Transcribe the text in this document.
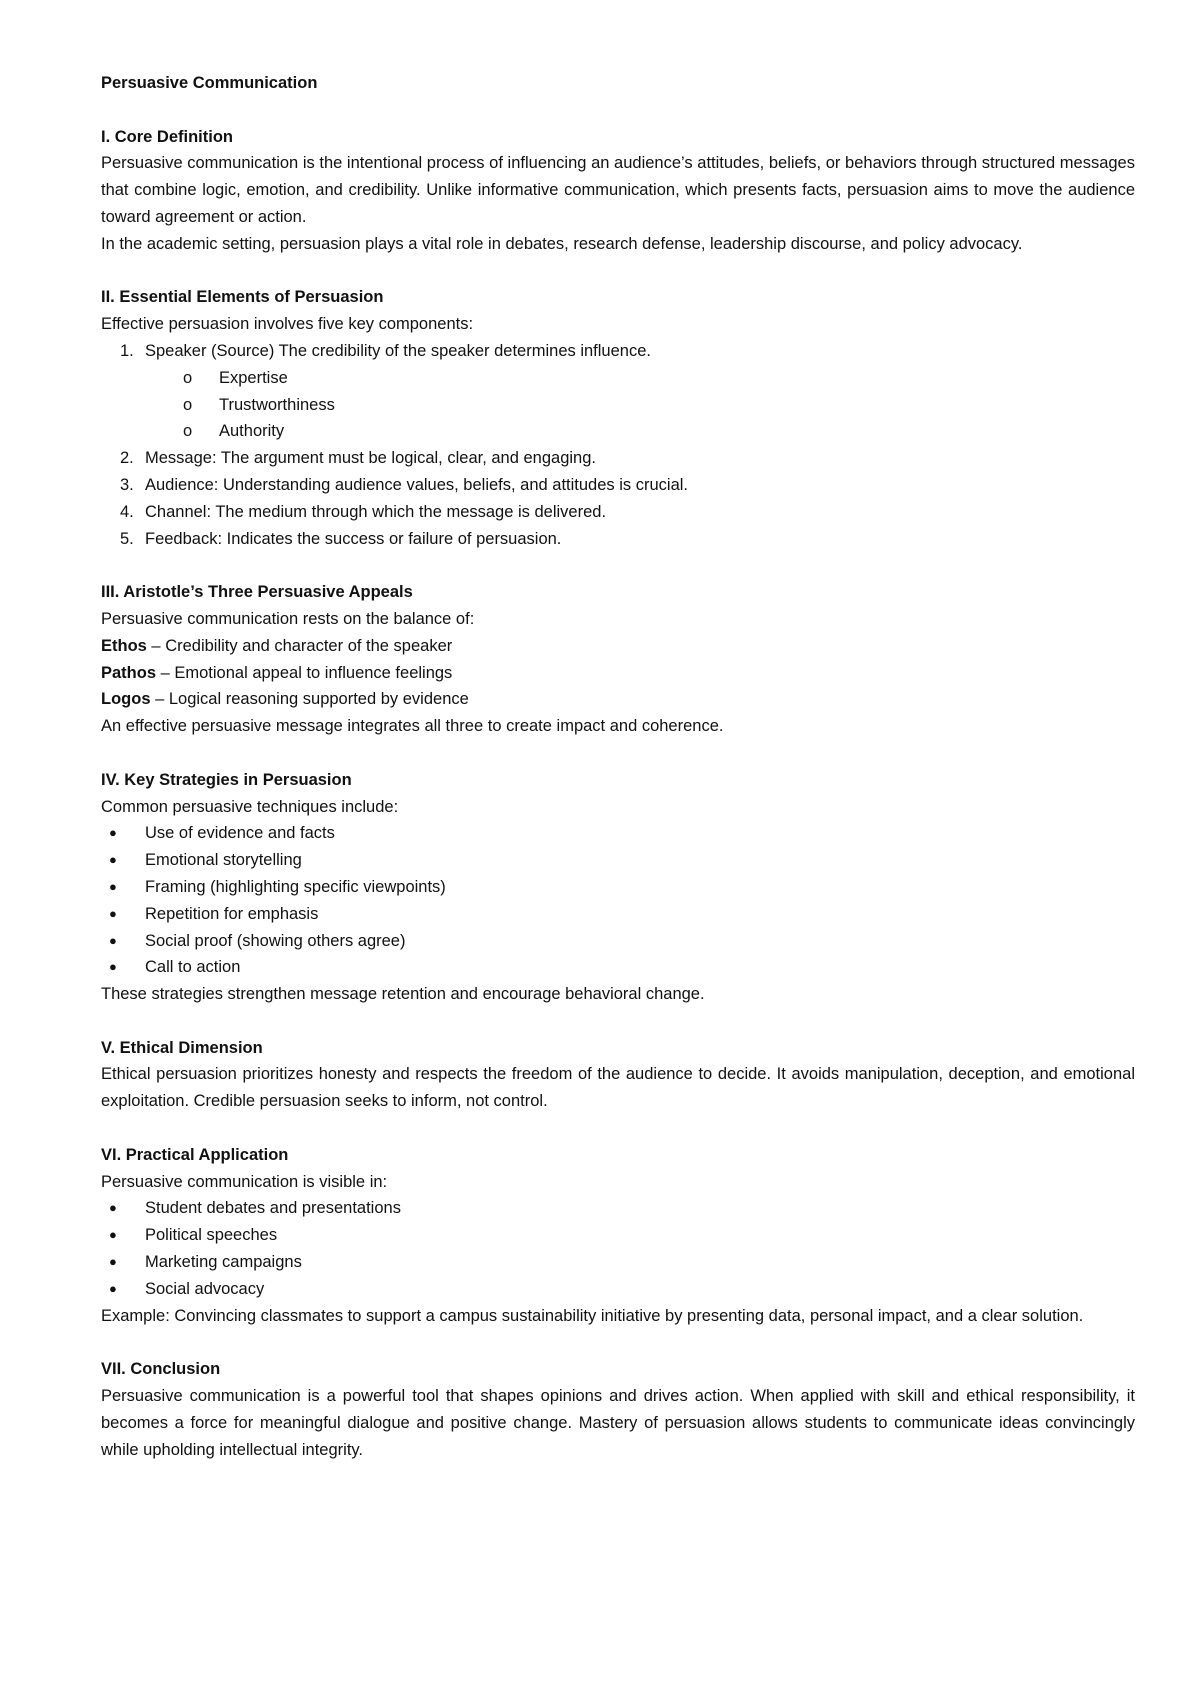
Persuasive Communication
I. Core Definition

Persuasive communication is the intentional process of influencing an audience’s attitudes, beliefs, or behaviors through structured messages that combine logic, emotion, and credibility. Unlike informative communication, which presents facts, persuasion aims to move the audience toward agreement or action.

In the academic setting, persuasion plays a vital role in debates, research defense, leadership discourse, and policy advocacy.

II. Essential Elements of Persuasion
Effective persuasion involves five key components:
1. Speaker (Source) The credibility of the speaker determines influence.
o	Expertise
o	Trustworthiness
o	Authority
2. Message: The argument must be logical, clear, and engaging.
3. Audience: Understanding audience values, beliefs, and attitudes is crucial.
4. Channel: The medium through which the message is delivered.
5. Feedback: Indicates the success or failure of persuasion.
III. Aristotle’s Three Persuasive Appeals
Persuasive communication rests on the balance of:
Ethos – Credibility and character of the speaker
Pathos – Emotional appeal to influence feelings
Logos – Logical reasoning supported by evidence
An effective persuasive message integrates all three to create impact and coherence.
IV. Key Strategies in Persuasion
Common persuasive techniques include:
●	Use of evidence and facts
●	Emotional storytelling
●	Framing (highlighting specific viewpoints)
●	Repetition for emphasis
●	Social proof (showing others agree)
●	Call to action
These strategies strengthen message retention and encourage behavioral change.
V. Ethical Dimension

Ethical persuasion prioritizes honesty and respects the freedom of the audience to decide. It avoids manipulation, deception, and emotional exploitation. Credible persuasion seeks to inform, not control.

VI. Practical Application
Persuasive communication is visible in:
●	Student debates and presentations
●	Political speeches
●	Marketing campaigns
●	Social advocacy

Example: Convincing classmates to support a campus sustainability initiative by presenting data, personal impact, and a clear solution.

VII. Conclusion

Persuasive communication is a powerful tool that shapes opinions and drives action. When applied with skill and ethical responsibility, it becomes a force for meaningful dialogue and positive change. Mastery of persuasion allows students to communicate ideas convincingly while upholding intellectual integrity.
